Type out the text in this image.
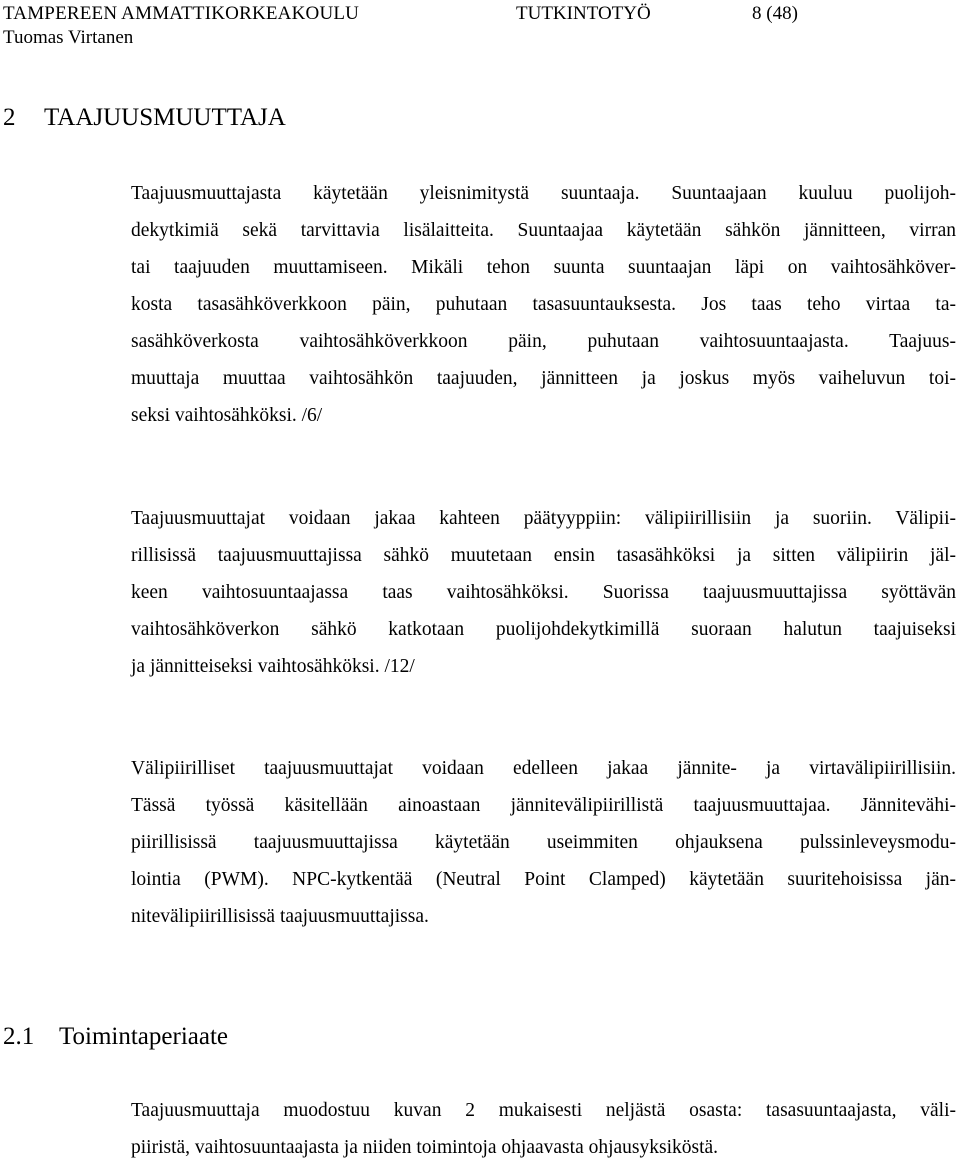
TAMPEREEN AMMATTIKORKEAKOULU	TUTKINTOTYÖ	8 (48)
Tuomas Virtanen
2 TAAJUUSMUUTTAJA
Taajuusmuuttajasta käytetään yleisnimitystä suuntaaja. Suuntaajaan kuuluu puolijoh-
dekytkimiä sekä tarvittavia lisälaitteita. Suuntaajaa käytetään sähkön jännitteen, virran
tai taajuuden muuttamiseen. Mikäli tehon suunta suuntaajan läpi on vaihtosähköver-
kosta tasasähköverkkoon päin, puhutaan tasasuuntauksesta. Jos taas teho virtaa ta-
sasähköverkosta vaihtosähköverkkoon päin, puhutaan vaihtosuuntaajasta. Taajuus-
muuttaja muuttaa vaihtosähkön taajuuden, jännitteen ja joskus myös vaiheluvun toi-
seksi vaihtosähköksi. /6/
Taajuusmuuttajat voidaan jakaa kahteen päätyyppiin: välipiirillisiin ja suoriin. Välipii-
rillisissä taajuusmuuttajissa sähkö muutetaan ensin tasasähköksi ja sitten välipiirin jäl-
keen vaihtosuuntaajassa taas vaihtosähköksi. Suorissa taajuusmuuttajissa syöttävän
vaihtosähköverkon sähkö katkotaan puolijohdekytkimillä suoraan halutun taajuiseksi
ja jännitteiseksi vaihtosähköksi. /12/
Välipiirilliset taajuusmuuttajat voidaan edelleen jakaa jännite- ja virtavälipiirillisiin.
Tässä työssä käsitellään ainoastaan jännitevälipiirillistä taajuusmuuttajaa. Jännitevähi-
piirillisissä taajuusmuuttajissa käytetään useimmiten ohjauksena pulssinleveysmodu-
lointia (PWM). NPC-kytkentää (Neutral Point Clamped) käytetään suuritehoisissa jän-
nitevälipiirillisissä taajuusmuuttajissa.
2.1 Toimintaperiaate
Taajuusmuuttaja muodostuu kuvan 2 mukaisesti neljästä osasta: tasasuuntaajasta, väli-
piiristä, vaihtosuuntaajasta ja niiden toimintoja ohjaavasta ohjausyksiköstä.
